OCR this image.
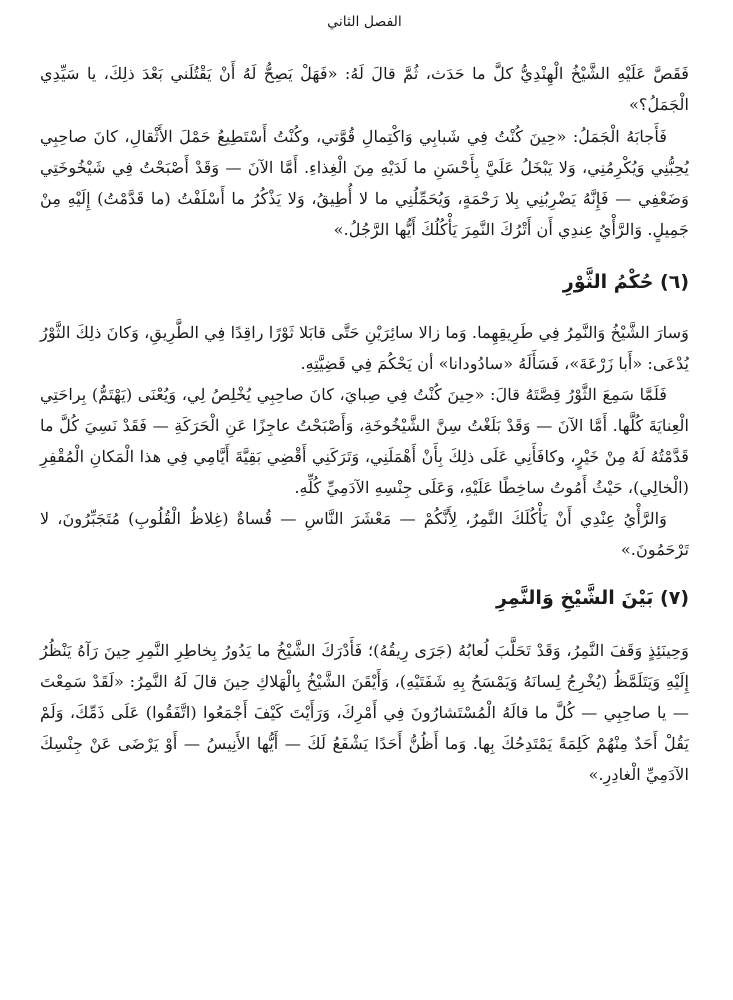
الفصل الثاني

فَقَصَّ عَلَيْهِ الشَّيْخُ الْهِنْدِيُّ كلَّ ما حَدَث، ثُمَّ قالَ لَهُ: «فَهَلْ يَصِحُّ لَهُ أَنْ يَقْتُلَني بَعْدَ ذلِكَ، يا سَيِّدِي الْجَمَلُ؟»

فَأَجابَهُ الْجَمَلُ: «حِينَ كُنْتُ فِي شَبابِي وَاكْتِمالِ قُوَّتي، وكُنْتُ أَسْتَطِيعُ حَمْلَ الأَثْقالِ، كانَ صاحِبِي يُحِبُّنِي وَيُكْرِمُنِي، وَلا يَبْخَلُ عَلَيَّ بِأَحْسَنِ ما لَدَيْهِ مِنَ الْغِذاءِ. أَمَّا الآنَ — وَقَدْ أَصْبَحْتُ فِي شَيْخُوخَتِي وَضَعْفِي — فَإِنَّهُ يَضْرِبُنِي بِلا رَحْمَةٍ، وَيُحَمِّلُنِي ما لا أُطِيقُ، وَلا يَذْكُرُ ما أَسْلَفْتُ (ما قَدَّمْتُ) إِلَيْهِ مِنْ جَمِيلٍ. وَالرَّأْيُ عِندِي أَن أَتْرُكَ النَّمِرَ يَأْكُلُكَ أَيُّها الرَّجُلُ.»

(٦) حُكْمُ الثَّوْرِ

وَسارَ الشَّيْخُ وَالنَّمِرُ فِي طَرِيقِهِما. وَما زالا سائِرَيْنِ حَتَّى قابَلا ثَوْرًا راقِدًا فِي الطَّرِيقِ، وَكانَ ذلِكَ الثَّوْرُ يُدْعَى: «أَبا زَرْعَةَ»، فَسَأَلَهُ «سادُودانا» أن يَحْكُمَ فِي قَضِيَّتِهِ.

فَلَمَّا سَمِعَ الثَّوْرُ قِصَّتَهُ قالَ: «حِينَ كُنْتُ فِي صِبايَ، كانَ صاحِبِي يُخْلِصُ لِي، وَيُعْنَى (يَهْتَمُّ) بِراحَتِي الْعِنايَةَ كُلَّها. أَمَّا الآنَ — وَقَدْ بَلَغْتُ سِنَّ الشَّيْخُوخَةِ، وَأَصْبَحْتُ عاجِزًا عَنِ الْحَرَكَةِ — فَقَدْ نَسِيَ كُلَّ ما قَدَّمْتُهُ لَهُ مِنْ خَيْرٍ، وكافَأَنِي عَلَى ذلِكَ بِأَنْ أَهْمَلَنِي، وَتَرَكَنِي أَقْضِي بَقِيَّةَ أَيَّامِي فِي هذا الْمَكانِ الْمُقْفِرِ (الْخالِي)، حَيْثُ أَمُوتُ ساخِطًا عَلَيْهِ، وَعَلَى جِنْسِهِ الآدَمِيِّ كُلِّهِ.

وَالرَّأْيُ عِنْدِي أَنْ يَأْكُلَكَ النَّمِرُ، لِأَنَّكُمْ — مَعْشَرَ النَّاسِ — قُساةٌ (غِلاظُ الْقُلُوبِ) مُتَجَبِّرُونَ، لا تَرْحَمُونَ.»

(٧) بَيْنَ الشَّيْخِ وَالنَّمِرِ

وَحِينَئِذٍ وَقَفَ النَّمِرُ، وَقَدْ تَحَلَّبَ لُعابُهُ (جَرَى رِيقُهُ)؛ فَأَدْرَكَ الشَّيْخُ ما يَدُورُ بِخاطِرِ النَّمِرِ حِينَ رَآهُ يَنْظُرُ إِلَيْهِ وَيَتَلَمَّظُ (يُخْرِجُ لِسانَهُ وَيَمْسَحُ بِهِ شَفَتَيْهِ)، وَأَيْقَنَ الشَّيْخُ بِالْهَلاكِ حِينَ قالَ لَهُ النَّمِرُ: «لَقَدْ سَمِعْتَ — يا صاحِبِي — كُلَّ ما قالَهُ الْمُسْتَشارُونَ فِي أَمْرِكَ، وَرَأَيْتَ كَيْفَ أَجْمَعُوا (اتَّفَقُوا) عَلَى ذَمِّكَ، وَلَمْ يَقُلْ أَحَدٌ مِنْهُمْ كَلِمَةً يَمْتَدِحُكَ بِها. وَما أَظُنُّ أَحَدًا يَشْفَعُ لَكَ — أَيُّها الأَنِيسُ — أَوْ يَرْضَى عَنْ جِنْسِكَ الآدَمِيِّ الْغادِرِ.»
